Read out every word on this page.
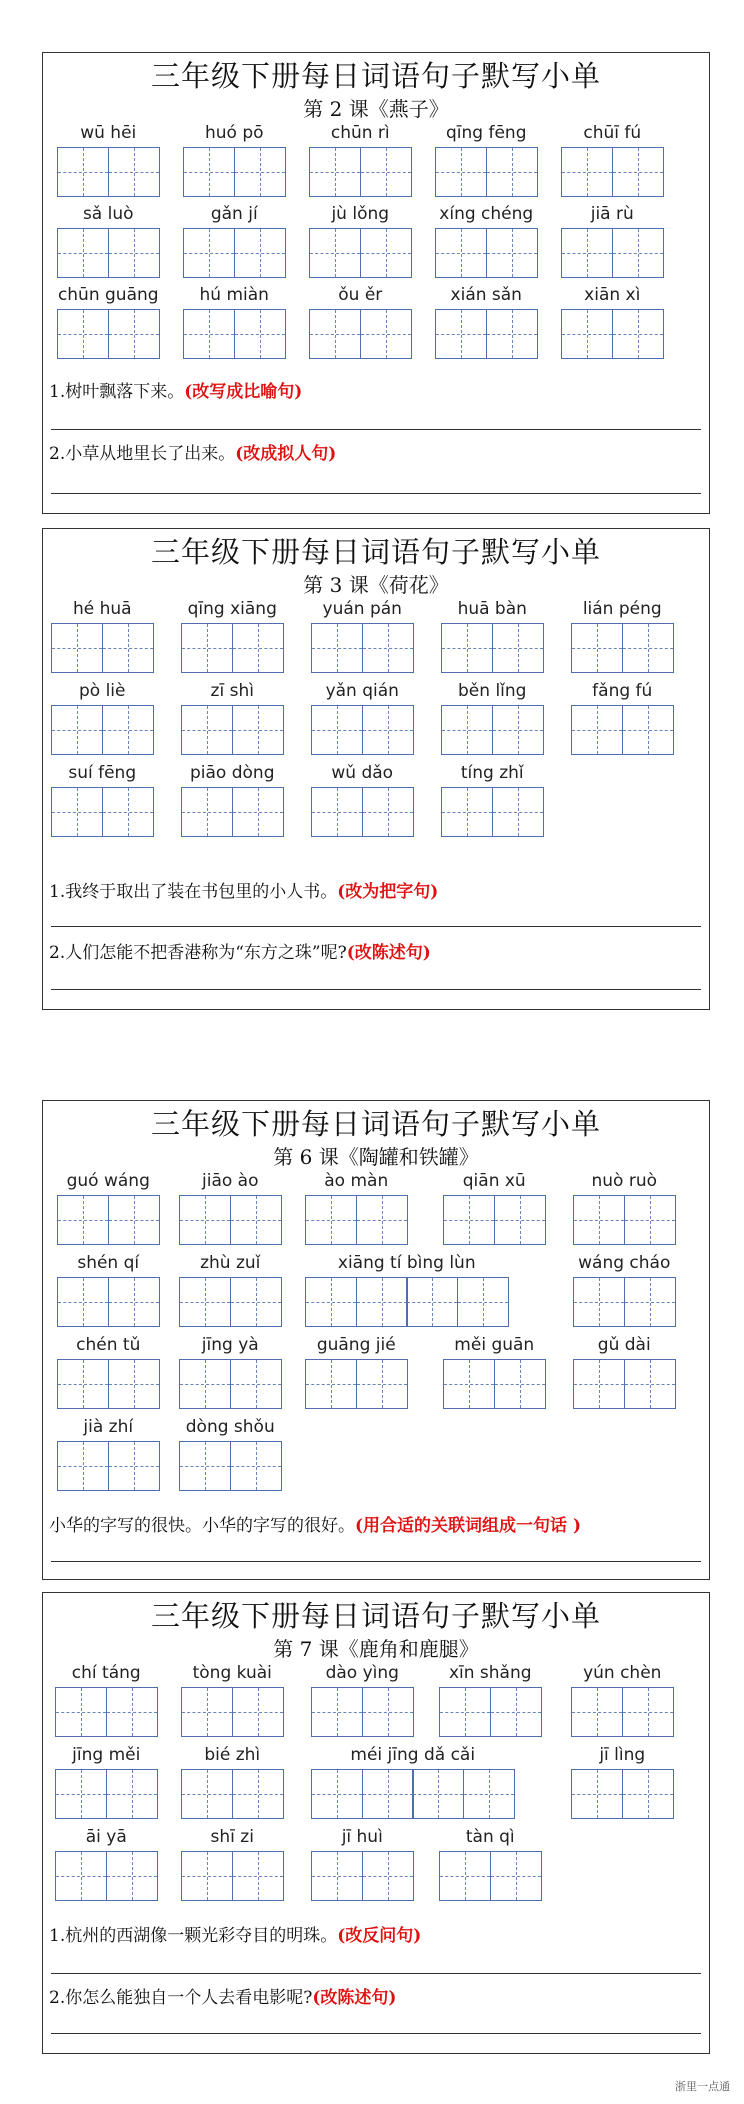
三年级下册每日词语句子默写小单
第 2 课《燕子》
wū hēi	huó pō	chūn rì	qīng fēng	chūī fú
sǎ luò	gǎn jí	jù lǒng	xíng chéng	jiā rù
chūn guāng	hú miàn	ǒu ěr	xián sǎn	xiān xì
1.树叶飘落下来。(改写成比喻句)
2.小草从地里长了出来。(改成拟人句)
三年级下册每日词语句子默写小单
第 3 课《荷花》
hé huā	qīng xiāng	yuán pán	huā bàn	lián péng
pò liè	zī shì	yǎn qián	běn lǐng	fǎng fú
suí fēng	piāo dòng	wǔ dǎo	tíng zhǐ
1.我终于取出了装在书包里的小人书。(改为把字句)
2.人们怎能不把香港称为“东方之珠”呢?(改陈述句)
三年级下册每日词语句子默写小单
第 6 课《陶罐和铁罐》
guó wáng	jiāo ào	ào màn	qiān xū	nuò ruò
shén qí	zhù zuǐ	xiāng tí bìng lùn	wáng cháo
chén tǔ	jīng yà	guāng jié	měi guān	gǔ dài
jià zhí	dòng shǒu
小华的字写的很快。小华的字写的很好。(用合适的关联词组成一句话 )
三年级下册每日词语句子默写小单
第 7 课《鹿角和鹿腿》
chí táng	tòng kuài	dào yìng	xīn shǎng	yún chèn
jīng měi	bié zhì	méi jīng dǎ cǎi	jī lìng
āi yā	shī zi	jī huì	tàn qì
1.杭州的西湖像一颗光彩夺目的明珠。(改反问句)
2.你怎么能独自一个人去看电影呢?(改陈述句)
浙里一点通
